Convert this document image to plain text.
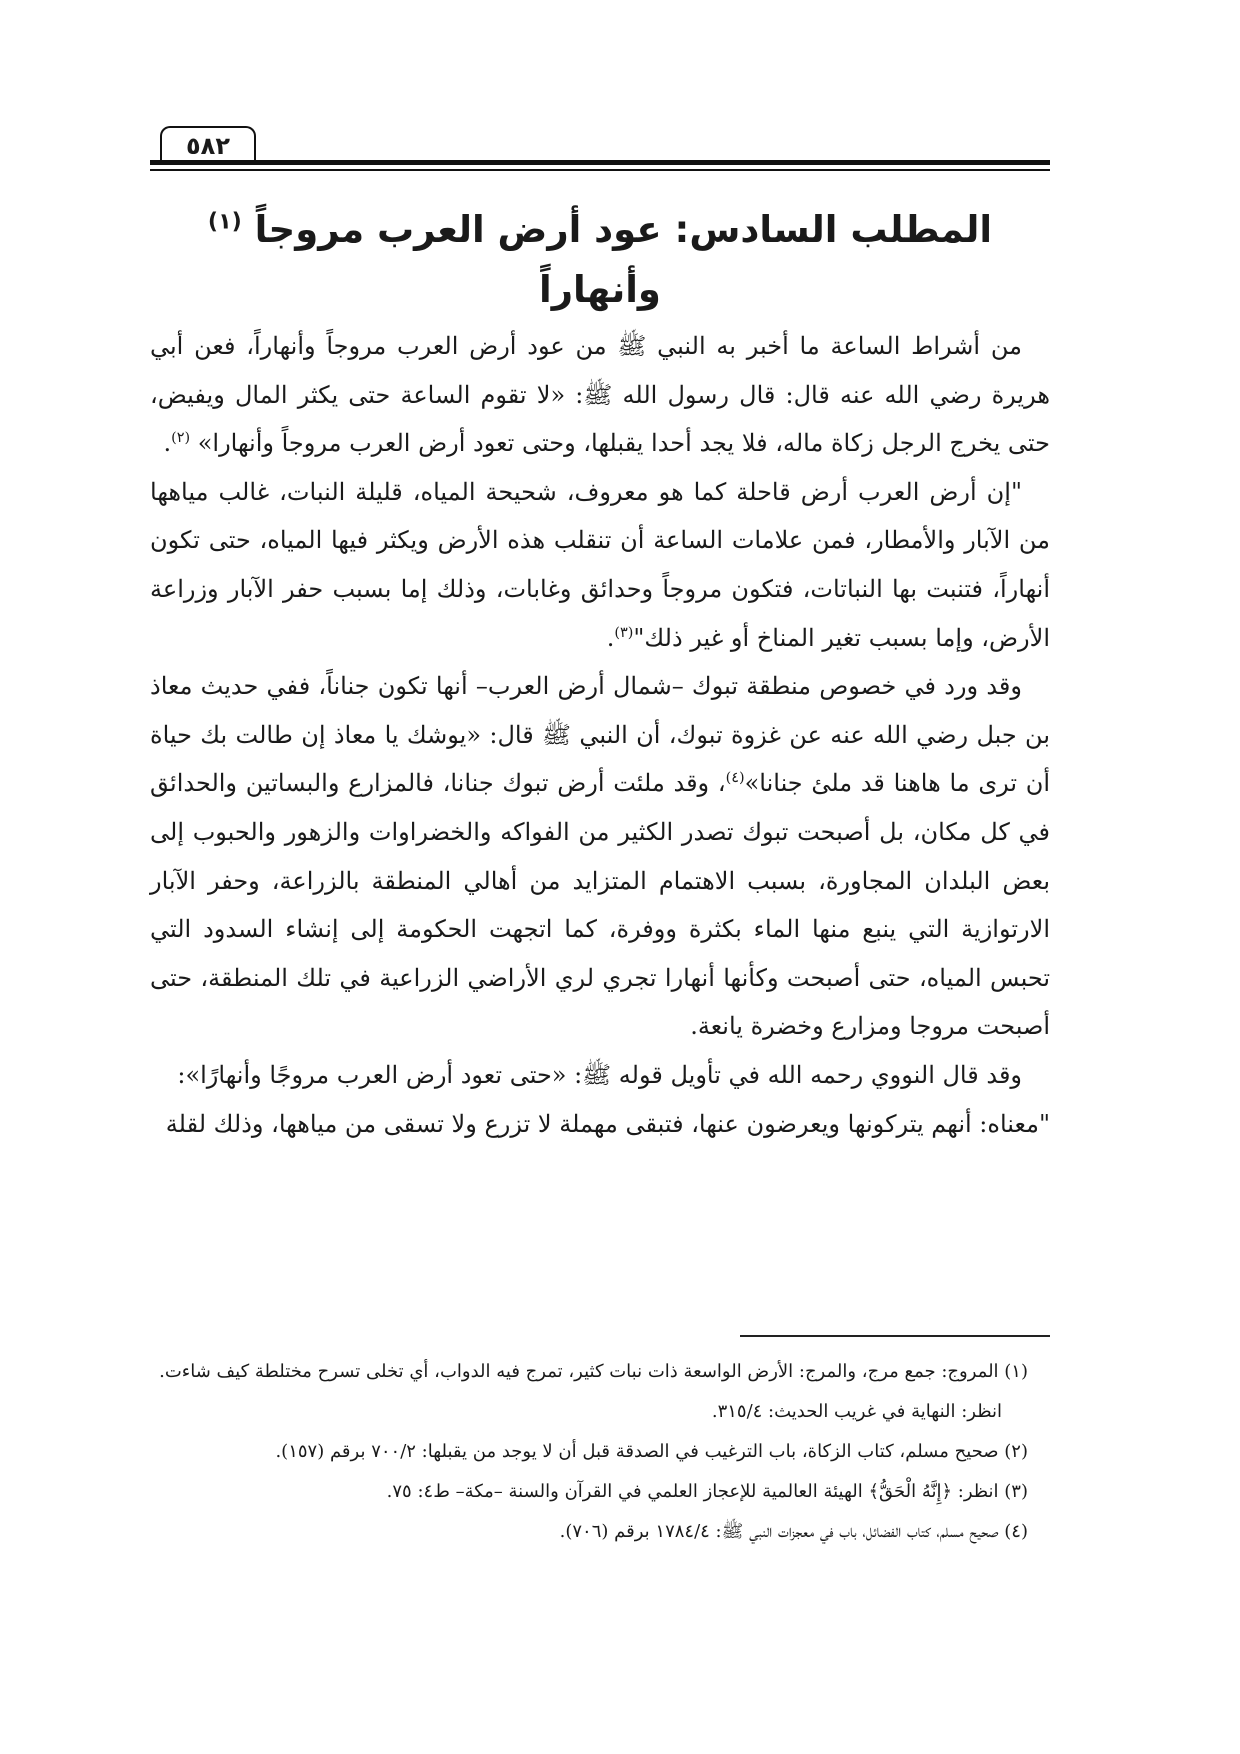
٥٨٢
المطلب السادس: عود أرض العرب مروجاً $^{(١)}$ وأنهاراً

من أشراط الساعة ما أخبر به النبي ﷺ من عود أرض العرب مروجاً وأنهاراً، فعن أبي هريرة رضي الله عنه قال: قال رسول الله ﷺ: «لا تقوم الساعة حتى يكثر المال ويفيض، حتى يخرج الرجل زكاة ماله، فلا يجد أحدا يقبلها، وحتى تعود أرض العرب مروجاً وأنهارا» $^{(٢)}$.

"إن أرض العرب أرض قاحلة كما هو معروف، شحيحة المياه، قليلة النبات، غالب مياهها من الآبار والأمطار، فمن علامات الساعة أن تنقلب هذه الأرض ويكثر فيها المياه، حتى تكون أنهاراً، فتنبت بها النباتات، فتكون مروجاً وحدائق وغابات، وذلك إما بسبب حفر الآبار وزراعة الأرض، وإما بسبب تغير المناخ أو غير ذلك"$^{(٣)}$.

وقد ورد في خصوص منطقة تبوك –شمال أرض العرب– أنها تكون جناناً، ففي حديث معاذ بن جبل رضي الله عنه عن غزوة تبوك، أن النبي ﷺ قال: «يوشك يا معاذ إن طالت بك حياة أن ترى ما هاهنا قد ملئ جنانا»$^{(٤)}$، وقد ملئت أرض تبوك جنانا، فالمزارع والبساتين والحدائق في كل مكان، بل أصبحت تبوك تصدر الكثير من الفواكه والخضراوات والزهور والحبوب إلى بعض البلدان المجاورة، بسبب الاهتمام المتزايد من أهالي المنطقة بالزراعة، وحفر الآبار الارتوازية التي ينبع منها الماء بكثرة ووفرة، كما اتجهت الحكومة إلى إنشاء السدود التي تحبس المياه، حتى أصبحت وكأنها أنهارا تجري لري الأراضي الزراعية في تلك المنطقة، حتى أصبحت مروجا ومزارع وخضرة يانعة.

وقد قال النووي رحمه الله في تأويل قوله ﷺ: «حتى تعود أرض العرب مروجًا وأنهارًا»:

"معناه: أنهم يتركونها ويعرضون عنها، فتبقى مهملة لا تزرع ولا تسقى من مياهها، وذلك لقلة

(١) المروج: جمع مرج، والمرج: الأرض الواسعة ذات نبات كثير، تمرج فيه الدواب، أي تخلى تسرح مختلطة كيف شاءت.

انظر: النهاية في غريب الحديث: ٣١٥/٤.

(٢) صحيح مسلم، كتاب الزكاة، باب الترغيب في الصدقة قبل أن لا يوجد من يقبلها: ٧٠٠/٢ برقم (١٥٧).

(٣) انظر: ﴿إِنَّهُ الْحَقُّ﴾ الهيئة العالمية للإعجاز العلمي في القرآن والسنة –مكة– ط٤: ٧٥.

(٤) صحيح مسلم، كتاب الفضائل، باب في معجزات النبي ﷺ: ١٧٨٤/٤ برقم (٧٠٦).
